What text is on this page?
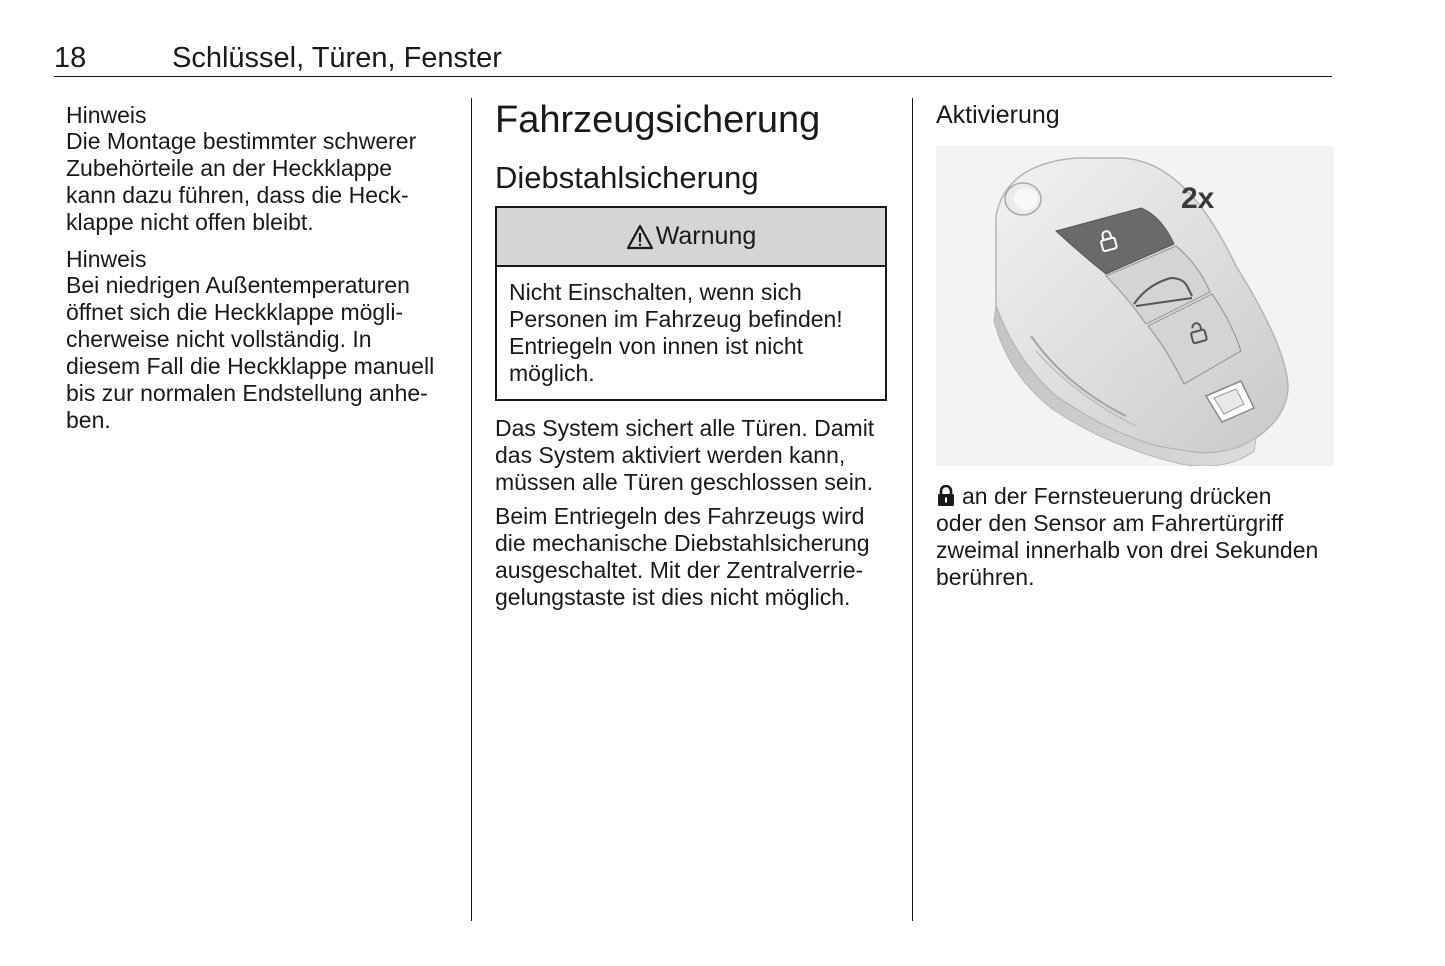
18	Schlüssel, Türen, Fenster
Hinweis
Die Montage bestimmter schwerer
Zubehörteile an der Heckklappe
kann dazu führen, dass die Heck-
klappe nicht offen bleibt.
Hinweis
Bei niedrigen Außentemperaturen
öffnet sich die Heckklappe mögli-
cherweise nicht vollständig. In
diesem Fall die Heckklappe manuell
bis zur normalen Endstellung anhe-
ben.
Fahrzeugsicherung
Diebstahlsicherung
Warnung
Nicht Einschalten, wenn sich
Personen im Fahrzeug befinden!
Entriegeln von innen ist nicht
möglich.
Das System sichert alle Türen. Damit
das System aktiviert werden kann,
müssen alle Türen geschlossen sein.
Beim Entriegeln des Fahrzeugs wird
die mechanische Diebstahlsicherung
ausgeschaltet. Mit der Zentralverrie-
gelungstaste ist dies nicht möglich.
Aktivierung
2x
an der Fernsteuerung drücken
oder den Sensor am Fahrertürgriff
zweimal innerhalb von drei Sekunden
berühren.
